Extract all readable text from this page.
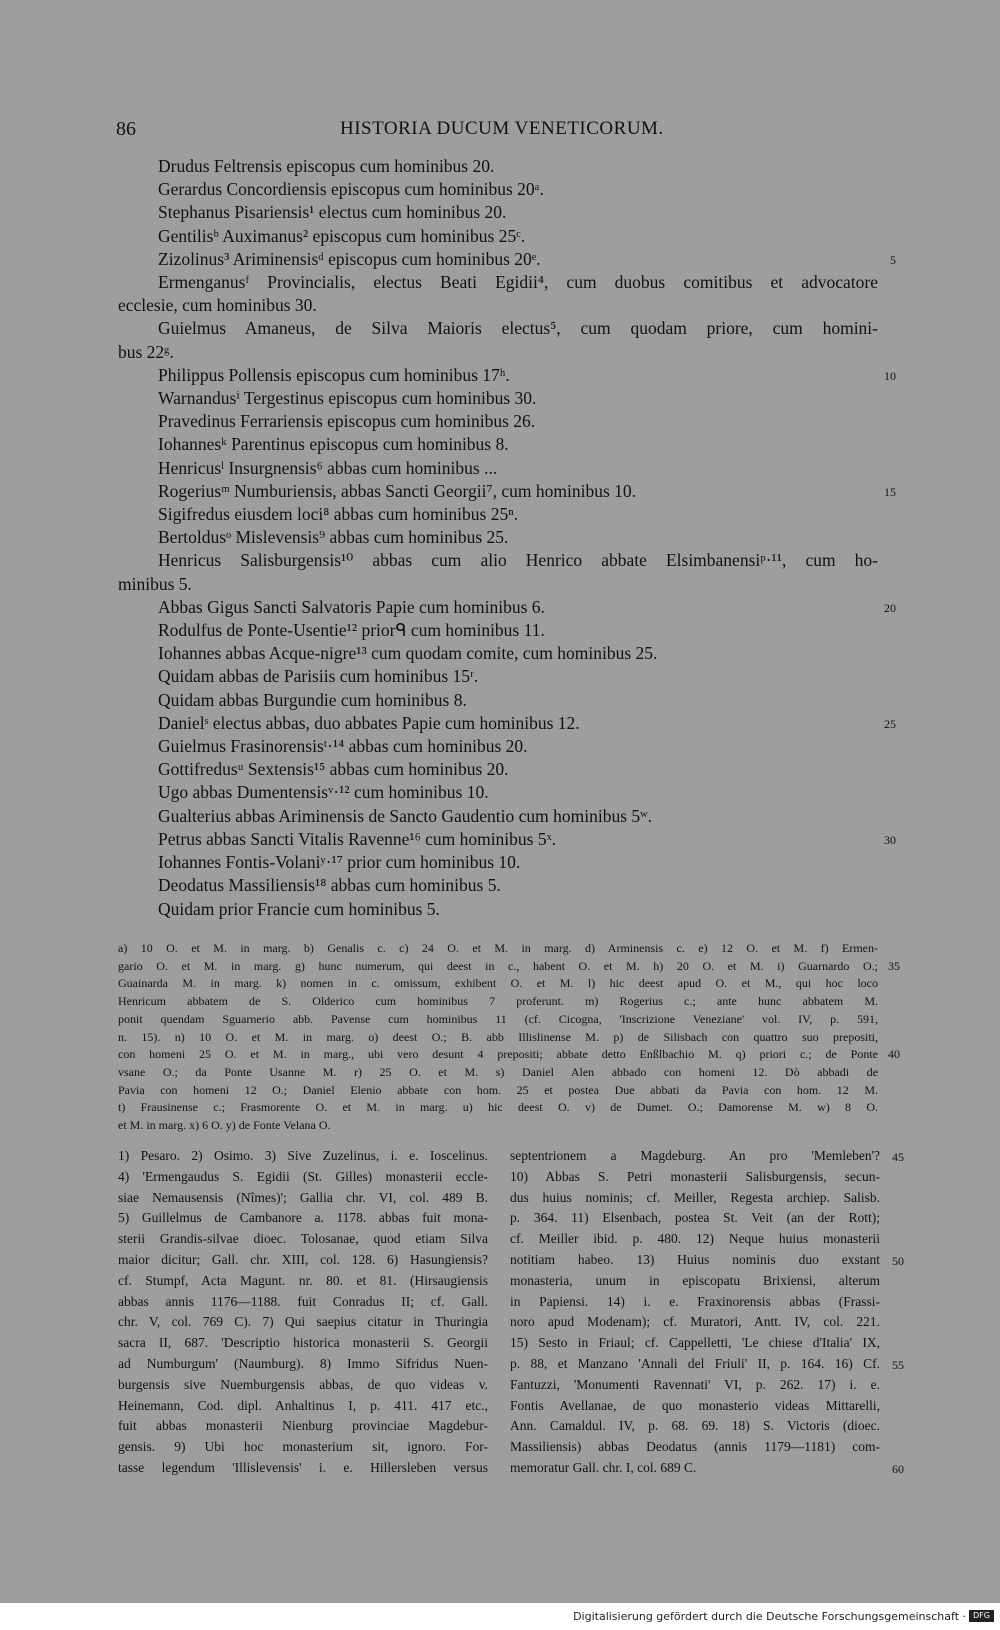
86	HISTORIA DUCUM VENETICORUM.
Drudus Feltrensis episcopus cum hominibus 20.
Gerardus Concordiensis episcopus cum hominibus 20ᵃ.
Stephanus Pisariensis¹ electus cum hominibus 20.
Gentilisᵇ Auximanus² episcopus cum hominibus 25ᶜ.
Zizolinus³ Ariminensisᵈ episcopus cum hominibus 20ᵉ.	5
Ermenganusᶠ Provincialis, electus Beati Egidii⁴, cum duobus comitibus et advocatore
ecclesie, cum hominibus 30.
Guielmus Amaneus, de Silva Maioris electus⁵, cum quodam priore, cum homini-
bus 22ᵍ.
Philippus Pollensis episcopus cum hominibus 17ʰ.	10
Warnandusⁱ Tergestinus episcopus cum hominibus 30.
Pravedinus Ferrariensis episcopus cum hominibus 26.
Iohannesᵏ Parentinus episcopus cum hominibus 8.
Henricusˡ Insurgnensis⁶ abbas cum hominibus ...
Rogeriusᵐ Numburiensis, abbas Sancti Georgii⁷, cum hominibus 10.	15
Sigifredus eiusdem loci⁸ abbas cum hominibus 25ⁿ.
Bertoldusᵒ Mislevensis⁹ abbas cum hominibus 25.
Henricus Salisburgensis¹⁰ abbas cum alio Henrico abbate Elsimbanensiᵖ·¹¹, cum ho-
minibus 5.
Abbas Gigus Sancti Salvatoris Papie cum hominibus 6.	20
Rodulfus de Ponte-Usentie¹² priorᑫ cum hominibus 11.
Iohannes abbas Acque-nigre¹³ cum quodam comite, cum hominibus 25.
Quidam abbas de Parisiis cum hominibus 15ʳ.
Quidam abbas Burgundie cum hominibus 8.
Danielˢ electus abbas, duo abbates Papie cum hominibus 12.	25
Guielmus Frasinorensisᵗ·¹⁴ abbas cum hominibus 20.
Gottifredusᵘ Sextensis¹⁵ abbas cum hominibus 20.
Ugo abbas Dumentensisᵛ·¹² cum hominibus 10.
Gualterius abbas Ariminensis de Sancto Gaudentio cum hominibus 5ʷ.
Petrus abbas Sancti Vitalis Ravenne¹⁶ cum hominibus 5ˣ.	30
Iohannes Fontis-Volaniʸ·¹⁷ prior cum hominibus 10.
Deodatus Massiliensis¹⁸ abbas cum hominibus 5.
Quidam prior Francie cum hominibus 5.
a) 10 O. et M. in marg. b) Genalis c. c) 24 O. et M. in marg. d) Arminensis c. e) 12 O. et M. f) Ermen-
gario O. et M. in marg. g) hunc numerum, qui deest in c., habent O. et M. h) 20 O. et M. i) Guarnardo O.; 35
Guainarda M. in marg. k) nomen in c. omissum, exhibent O. et M. l) hic deest apud O. et M., qui hoc loco
Henricum abbatem de S. Olderico cum hominibus 7 proferunt. m) Rogerius c.; ante hunc abbatem M.
ponit quendam Sguarnerio abb. Pavense cum hominibus 11 (cf. Cicogna, 'Inscrizione Veneziane' vol. IV, p. 591,
n. 15). n) 10 O. et M. in marg. o) deest O.; B. abb Illislinense M. p) de Silisbach con quattro suo prepositi,
con homeni 25 O. et M. in marg., ubi vero desunt 4 prepositi; abbate detto Enßlbachio M. q) priori c.; de Ponte 40
vsane O.; da Ponte Usanne M. r) 25 O. et M. s) Daniel Alen abbado con homeni 12. Dò abbadi de
Pavia con homeni 12 O.; Daniel Elenio abbate con hom. 25 et postea Due abbati da Pavia con hom. 12 M.
t) Frausinense c.; Frasmorente O. et M. in marg. u) hic deest O. v) de Dumet. O.; Damorense M. w) 8 O.
et M. in marg. x) 6 O. y) de Fonte Velana O.
1) Pesaro. 2) Osimo. 3) Sive Zuzelinus, i. e. Ioscelinus.
4) 'Ermengaudus S. Egidii (St. Gilles) monasterii eccle-
siae Nemausensis (Nîmes)'; Gallia chr. VI, col. 489 B.
5) Guillelmus de Cambanore a. 1178. abbas fuit mona-
sterii Grandis-silvae dioec. Tolosanae, quod etiam Silva
maior dicitur; Gall. chr. XIII, col. 128. 6) Hasungiensis?
cf. Stumpf, Acta Magunt. nr. 80. et 81. (Hirsaugiensis
abbas annis 1176—1188. fuit Conradus II; cf. Gall.
chr. V, col. 769 C). 7) Qui saepius citatur in Thuringia
sacra II, 687. 'Descriptio historica monasterii S. Georgii
ad Numburgum' (Naumburg). 8) Immo Sifridus Nuen-
burgensis sive Nuemburgensis abbas, de quo videas v.
Heinemann, Cod. dipl. Anhaltinus I, p. 411. 417 etc.,
fuit abbas monasterii Nienburg provinciae Magdebur-
gensis. 9) Ubi hoc monasterium sit, ignoro. For-
tasse legendum 'Illislevensis' i. e. Hillersleben versus
septentrionem a Magdeburg. An pro 'Memleben'? 45
10) Abbas S. Petri monasterii Salisburgensis, secun-
dus huius nominis; cf. Meiller, Regesta archiep. Salisb.
p. 364. 11) Elsenbach, postea St. Veit (an der Rott);
cf. Meiller ibid. p. 480. 12) Neque huius monasterii
notitiam habeo. 13) Huius nominis duo exstant 50
monasteria, unum in episcopatu Brixiensi, alterum
in Papiensi. 14) i. e. Fraxinorensis abbas (Frassi-
noro apud Modenam); cf. Muratori, Antt. IV, col. 221.
15) Sesto in Friaul; cf. Cappelletti, 'Le chiese d'Italia' IX,
p. 88, et Manzano 'Annali del Friuli' II, p. 164. 16) Cf. 55
Fantuzzi, 'Monumenti Ravennati' VI, p. 262. 17) i. e.
Fontis Avellanae, de quo monasterio videas Mittarelli,
Ann. Camaldul. IV, p. 68. 69. 18) S. Victoris (dioec.
Massiliensis) abbas Deodatus (annis 1179—1181) com-
memoratur Gall. chr. I, col. 689 C.	60
Digitalisierung gefördert durch die Deutsche Forschungsgemeinschaft · DFG
